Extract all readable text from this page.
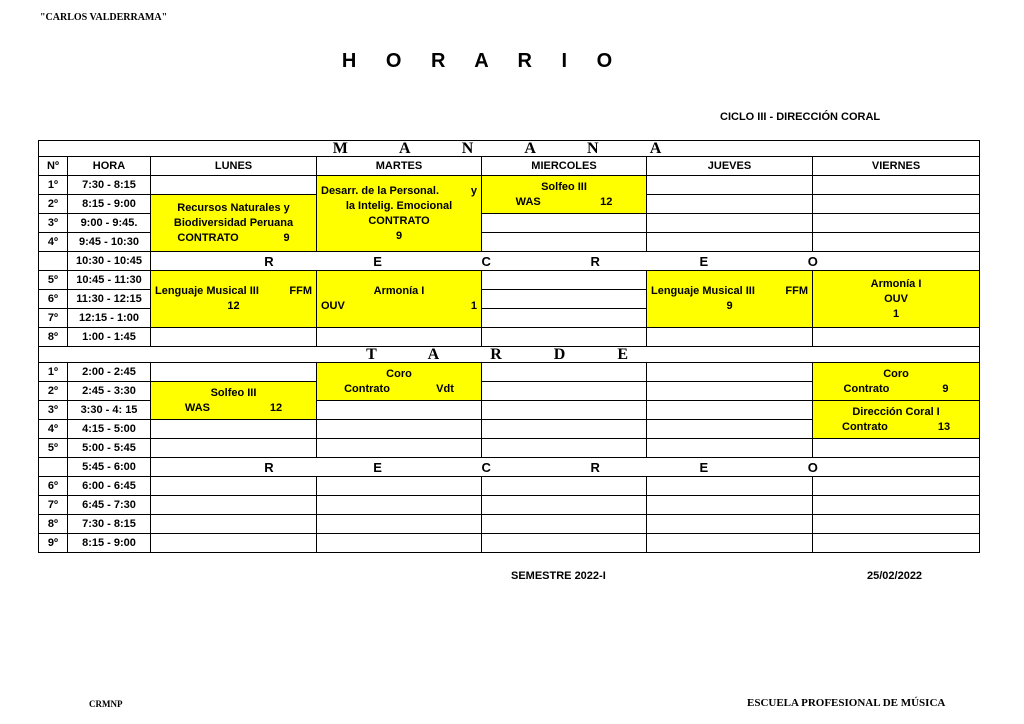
"CARLOS VALDERRAMA"
H O R A R I O
CICLO III - DIRECCIÓN CORAL
M A N A N A						
Nº	HORA	LUNES	MARTES	MIERCOLES	JUEVES	VIERNES
1º	7:30 - 8:15		Desarr. de la Personal. y
la Intelig. Emocional
CONTRATO
9	Solfeo III
WAS 12		

2º	8:15 - 9:00	Recursos Naturales y
Biodiversidad Peruana
CONTRATO 9				

3º	9:00 - 9:45.					
4º	9:45 - 10:30					
	10:30 - 10:45	R E C R E O				
5º	10:45 - 11:30	Lenguaje Musical III FFM
12	Armonía I
OUV 1		Lenguaje Musical III FFM
9	Armonía I
OUV
1

6º	11:30 - 12:15					
7º	12:15 - 1:00					
8º	1:00 - 1:45					
T A R D E						
1º	2:00 - 2:45		Coro
Contrato Vdt			Coro
Contrato 9

2º	2:45 - 3:30	Solfeo III
WAS 12				

3º	3:30 - 4: 15					Dirección Coral I
Contrato 13

4º	4:15 - 5:00					
5º	5:00 - 5:45					
	5:45 - 6:00	R E C R E O				
6º	6:00 - 6:45					
7º	6:45 - 7:30					
8º	7:30 - 8:15					
9º	8:15 - 9:00					
SEMESTRE 2022-I	25/02/2022
CRMNP	ESCUELA PROFESIONAL DE MÚSICA
